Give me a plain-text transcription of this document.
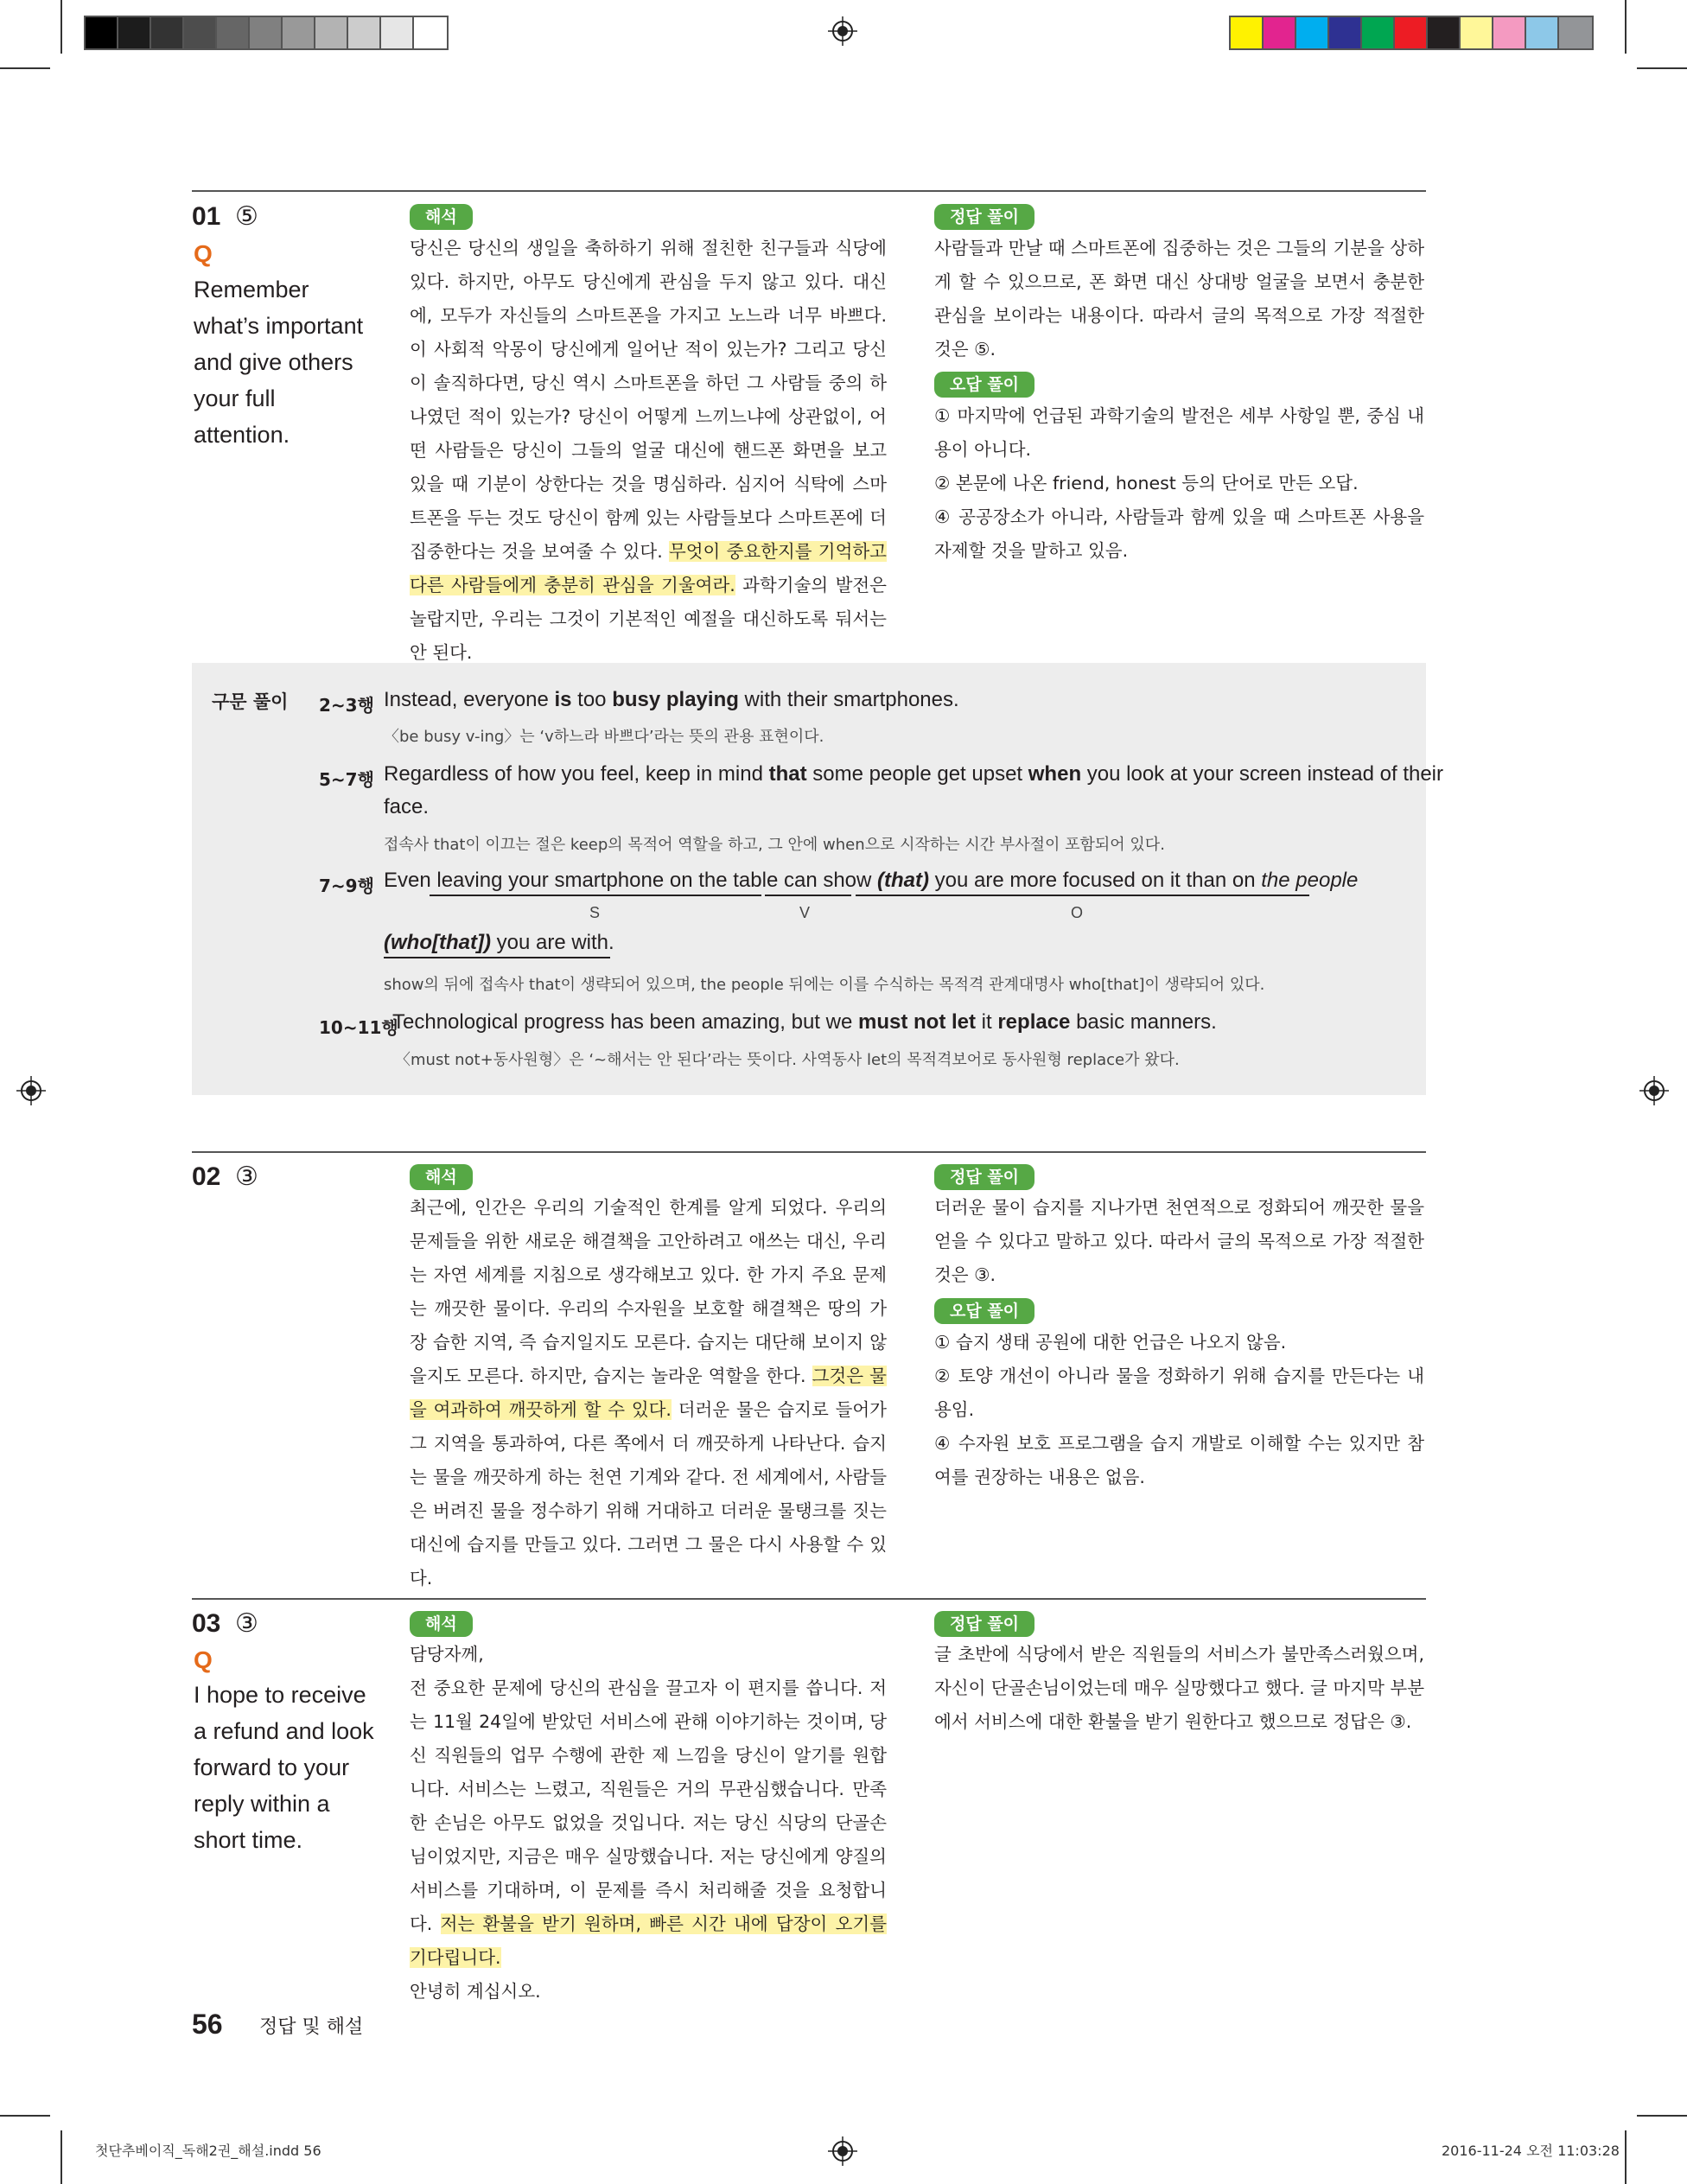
01 ⑤
Q
Remember what’s important and give others your full attention.
해석
당신은 당신의 생일을 축하하기 위해 절친한 친구들과 식당에 있다. 하지만, 아무도 당신에게 관심을 두지 않고 있다. 대신에, 모두가 자신들의 스마트폰을 가지고 노느라 너무 바쁘다. 이 사회적 악몽이 당신에게 일어난 적이 있는가? 그리고 당신이 솔직하다면, 당신 역시 스마트폰을 하던 그 사람들 중의 하나였던 적이 있는가? 당신이 어떻게 느끼느냐에 상관없이, 어떤 사람들은 당신이 그들의 얼굴 대신에 핸드폰 화면을 보고 있을 때 기분이 상한다는 것을 명심하라. 심지어 식탁에 스마트폰을 두는 것도 당신이 함께 있는 사람들보다 스마트폰에 더 집중한다는 것을 보여줄 수 있다. 무엇이 중요한지를 기억하고 다른 사람들에게 충분히 관심을 기울여라. 과학기술의 발전은 놀랍지만, 우리는 그것이 기본적인 예절을 대신하도록 둬서는 안 된다.
정답 풀이
사람들과 만날 때 스마트폰에 집중하는 것은 그들의 기분을 상하게 할 수 있으므로, 폰 화면 대신 상대방 얼굴을 보면서 충분한 관심을 보이라는 내용이다. 따라서 글의 목적으로 가장 적절한 것은 ⑤.
오답 풀이
① 마지막에 언급된 과학기술의 발전은 세부 사항일 뿐, 중심 내용이 아니다.
② 본문에 나온 friend, honest 등의 단어로 만든 오답.
④ 공공장소가 아니라, 사람들과 함께 있을 때 스마트폰 사용을 자제할 것을 말하고 있음.
구문 풀이 2~3행 Instead, everyone is too busy playing with their smartphones.
〈be busy v-ing〉는 ‘v하느라 바쁘다’라는 뜻의 관용 표현이다.
5~7행 Regardless of how you feel, keep in mind that some people get upset when you look at your screen instead of their
face.
접속사 that이 이끄는 절은 keep의 목적어 역할을 하고, 그 안에 when으로 시작하는 시간 부사절이 포함되어 있다.
7~9행 Even leaving your smartphone on the table can show (that) you are more focused on it than on the people
S	V	O
(who[that]) you are with.
show의 뒤에 접속사 that이 생략되어 있으며, the people 뒤에는 이를 수식하는 목적격 관계대명사 who[that]이 생략되어 있다.
10~11행
Technological progress has been amazing, but we must not let it replace basic manners.
〈must not+동사원형〉은 ‘~해서는 안 된다’라는 뜻이다. 사역동사 let의 목적격보어로 동사원형 replace가 왔다.
02 ③	해석
최근에, 인간은 우리의 기술적인 한계를 알게 되었다. 우리의 문제들을 위한 새로운 해결책을 고안하려고 애쓰는 대신, 우리는 자연 세계를 지침으로 생각해보고 있다. 한 가지 주요 문제는 깨끗한 물이다. 우리의 수자원을 보호할 해결책은 땅의 가장 습한 지역, 즉 습지일지도 모른다. 습지는 대단해 보이지 않을지도 모른다. 하지만, 습지는 놀라운 역할을 한다. 그것은 물을 여과하여 깨끗하게 할 수 있다. 더러운 물은 습지로 들어가 그 지역을 통과하여, 다른 쪽에서 더 깨끗하게 나타난다. 습지는 물을 깨끗하게 하는 천연 기계와 같다. 전 세계에서, 사람들은 버려진 물을 정수하기 위해 거대하고 더러운 물탱크를 짓는 대신에 습지를 만들고 있다. 그러면 그 물은 다시 사용할 수 있다.
정답 풀이
더러운 물이 습지를 지나가면 천연적으로 정화되어 깨끗한 물을 얻을 수 있다고 말하고 있다. 따라서 글의 목적으로 가장 적절한 것은 ③.
오답 풀이
① 습지 생태 공원에 대한 언급은 나오지 않음.
② 토양 개선이 아니라 물을 정화하기 위해 습지를 만든다는 내용임.
④ 수자원 보호 프로그램을 습지 개발로 이해할 수는 있지만 참여를 권장하는 내용은 없음.
03 ③
Q
I hope to receive a refund and look forward to your reply within a short time.
해석
담당자께,
전 중요한 문제에 당신의 관심을 끌고자 이 편지를 씁니다. 저는 11월 24일에 받았던 서비스에 관해 이야기하는 것이며, 당신 직원들의 업무 수행에 관한 제 느낌을 당신이 알기를 원합니다. 서비스는 느렸고, 직원들은 거의 무관심했습니다. 만족한 손님은 아무도 없었을 것입니다. 저는 당신 식당의 단골손님이었지만, 지금은 매우 실망했습니다. 저는 당신에게 양질의 서비스를 기대하며, 이 문제를 즉시 처리해줄 것을 요청합니다. 저는 환불을 받기 원하며, 빠른 시간 내에 답장이 오기를 기다립니다.
안녕히 계십시오.
정답 풀이
글 초반에 식당에서 받은 직원들의 서비스가 불만족스러웠으며, 자신이 단골손님이었는데 매우 실망했다고 했다. 글 마지막 부분에서 서비스에 대한 환불을 받기 원한다고 했으므로 정답은 ③.
56 정답 및 해설
첫단추베이직_독해2권_해설.indd 56	2016-11-24 오전 11:03:28
